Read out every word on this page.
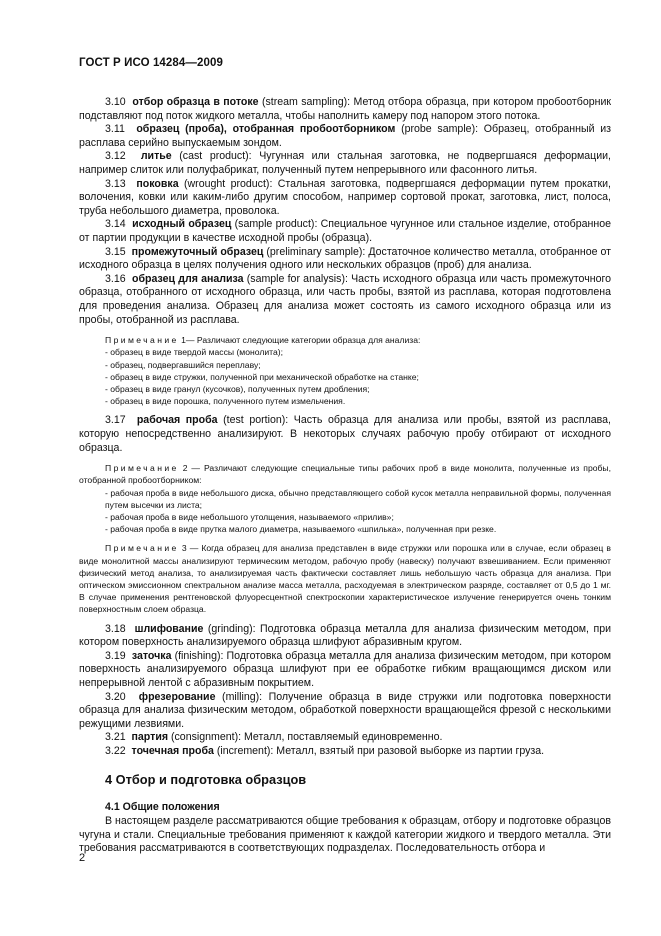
ГОСТ Р ИСО 14284—2009

3.10 отбор образца в потоке (stream sampling): Метод отбора образца, при котором пробоотборник подставляют под поток жидкого металла, чтобы наполнить камеру под напором этого потока.

3.11 образец (проба), отобранная пробоотборником (probe sample): Образец, отобранный из расплава серийно выпускаемым зондом.

3.12 литье (cast product): Чугунная или стальная заготовка, не подвергшаяся деформации, например слиток или полуфабрикат, полученный путем непрерывного или фасонного литья.

3.13 поковка (wrought product): Стальная заготовка, подвергшаяся деформации путем прокатки, волочения, ковки или каким-либо другим способом, например сортовой прокат, заготовка, лист, полоса, труба небольшого диаметра, проволока.

3.14 исходный образец (sample product): Специальное чугунное или стальное изделие, отобранное от партии продукции в качестве исходной пробы (образца).

3.15 промежуточный образец (preliminary sample): Достаточное количество металла, отобранное от исходного образца в целях получения одного или нескольких образцов (проб) для анализа.

3.16 образец для анализа (sample for analysis): Часть исходного образца или часть промежуточного образца, отобранного от исходного образца, или часть пробы, взятой из расплава, которая подготовлена для проведения анализа. Образец для анализа может состоять из самого исходного образца или из пробы, отобранной из расплава.

Примечание 1— Различают следующие категории образца для анализа:

- образец в виде твердой массы (монолита);

- образец, подвергавшийся переплаву;

- образец в виде стружки, полученной при механической обработке на станке;

- образец в виде гранул (кусочков), полученных путем дробления;

- образец в виде порошка, полученного путем измельчения.

3.17 рабочая проба (test portion): Часть образца для анализа или пробы, взятой из расплава, которую непосредственно анализируют. В некоторых случаях рабочую пробу отбирают от исходного образца.

Примечание 2 — Различают следующие специальные типы рабочих проб в виде монолита, полученные из пробы, отобранной пробоотборником:

- рабочая проба в виде небольшого диска, обычно представляющего собой кусок металла неправильной формы, полученная путем высечки из листа;

- рабочая проба в виде небольшого утолщения, называемого «прилив»;

- рабочая проба в виде прутка малого диаметра, называемого «шпилька», полученная при резке.

Примечание 3 — Когда образец для анализа представлен в виде стружки или порошка или в случае, если образец в виде монолитной массы анализируют термическим методом, рабочую пробу (навеску) получают взвешиванием. Если применяют физический метод анализа, то анализируемая часть фактически составляет лишь небольшую часть образца для анализа. При оптическом эмиссионном спектральном анализе масса металла, расходуемая в электрическом разряде, составляет от 0,5 до 1 мг. В случае применения рентгеновской флуоресцентной спектроскопии характеристическое излучение генерируется очень тонким поверхностным слоем образца.

3.18 шлифование (grinding): Подготовка образца металла для анализа физическим методом, при котором поверхность анализируемого образца шлифуют абразивным кругом.

3.19 заточка (finishing): Подготовка образца металла для анализа физическим методом, при котором поверхность анализируемого образца шлифуют при ее обработке гибким вращающимся диском или непрерывной лентой с абразивным покрытием.

3.20 фрезерование (milling): Получение образца в виде стружки или подготовка поверхности образца для анализа физическим методом, обработкой поверхности вращающейся фрезой с несколькими режущими лезвиями.

3.21 партия (consignment): Металл, поставляемый единовременно.

3.22 точечная проба (increment): Металл, взятый при разовой выборке из партии груза.

4 Отбор и подготовка образцов

4.1 Общие положения

В настоящем разделе рассматриваются общие требования к образцам, отбору и подготовке образцов чугуна и стали. Специальные требования применяют к каждой категории жидкого и твердого металла. Эти требования рассматриваются в соответствующих подразделах. Последовательность отбора и

2
